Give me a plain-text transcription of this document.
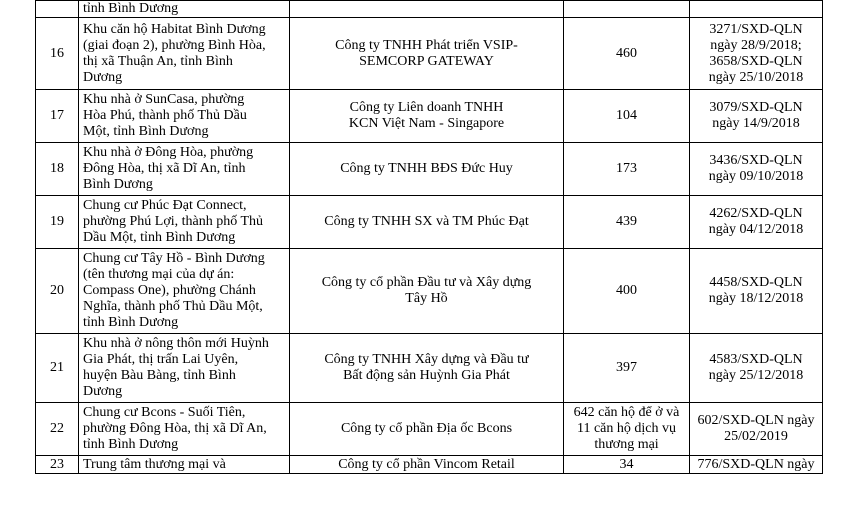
	tỉnh Bình Dương			
16	Khu căn hộ Habitat Bình Dương
(giai đoạn 2), phường Bình Hòa,
thị xã Thuận An, tỉnh Bình
Dương	Công ty TNHH Phát triển VSIP-
SEMCORP GATEWAY	460	3271/SXD-QLN
ngày 28/9/2018;
3658/SXD-QLN
ngày 25/10/2018

17	Khu nhà ở SunCasa, phường
Hòa Phú, thành phố Thủ Dầu
Một, tỉnh Bình Dương	Công ty Liên doanh TNHH
KCN Việt Nam - Singapore	104	3079/SXD-QLN
ngày 14/9/2018

18	Khu nhà ở Đông Hòa, phường
Đông Hòa, thị xã Dĩ An, tỉnh
Bình Dương	Công ty TNHH BĐS Đức Huy	173	3436/SXD-QLN
ngày 09/10/2018

19	Chung cư Phúc Đạt Connect,
phường Phú Lợi, thành phố Thủ
Dầu Một, tỉnh Bình Dương	Công ty TNHH SX và TM Phúc Đạt	439	4262/SXD-QLN
ngày 04/12/2018

20	Chung cư Tây Hồ - Bình Dương
(tên thương mại của dự án:
Compass One), phường Chánh
Nghĩa, thành phố Thủ Dầu Một,
tỉnh Bình Dương	Công ty cổ phần Đầu tư và Xây dựng
Tây Hồ	400	4458/SXD-QLN
ngày 18/12/2018

21	Khu nhà ở nông thôn mới Huỳnh
Gia Phát, thị trấn Lai Uyên,
huyện Bàu Bàng, tỉnh Bình
Dương	Công ty TNHH Xây dựng và Đầu tư
Bất động sản Huỳnh Gia Phát	397	4583/SXD-QLN
ngày 25/12/2018

22	Chung cư Bcons - Suối Tiên,
phường Đông Hòa, thị xã Dĩ An,
tỉnh Bình Dương	Công ty cổ phần Địa ốc Bcons	642 căn hộ để ở và
11 căn hộ dịch vụ
thương mại	602/SXD-QLN ngày
25/02/2019

23	Trung tâm thương mại và	Công ty cổ phần Vincom Retail	34	776/SXD-QLN ngày
